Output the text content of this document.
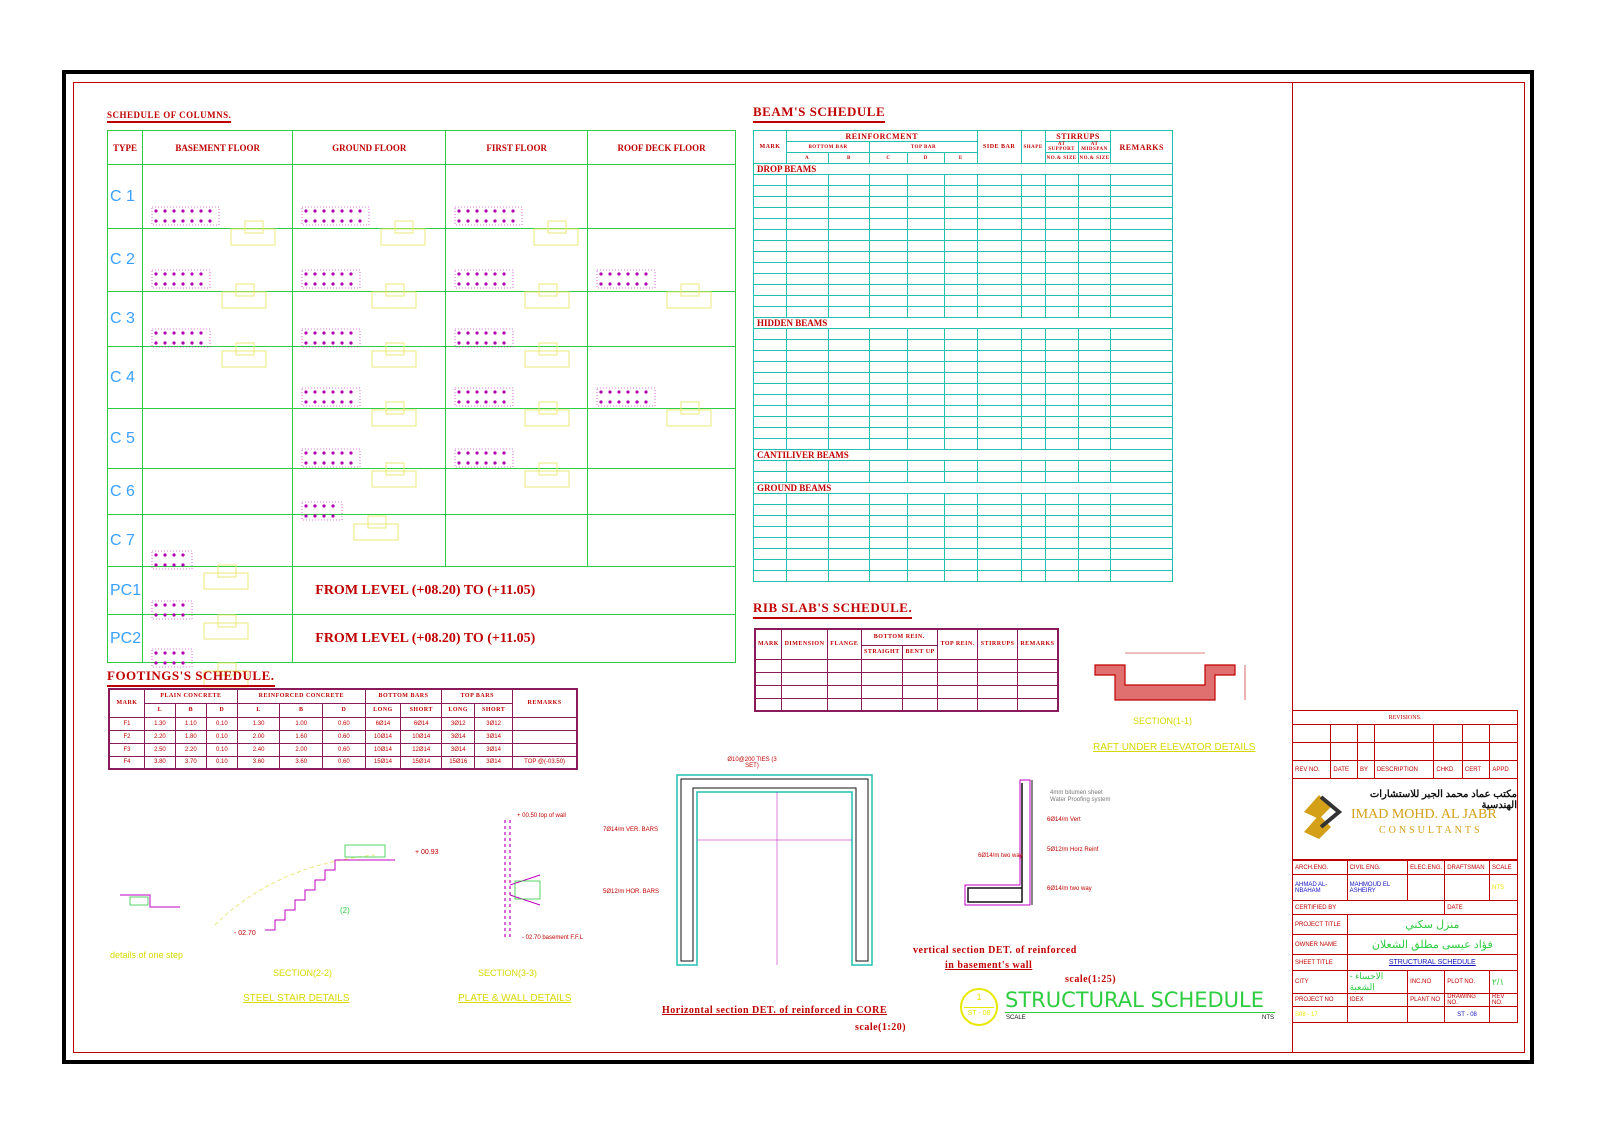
SCHEDULE OF COLUMNS.
TYPE	BASEMENT FLOOR	GROUND FLOOR	FIRST FLOOR	ROOF DECK FLOOR
C 1	

C 2	

C 3	

C 4		

C 5		

C 6		

C 7	

PC1		FROM LEVEL (+08.20) TO (+11.05)		
PC2		FROM LEVEL (+08.20) TO (+11.05)		
FOOTINGS'S SCHEDULE.
MARK	PLAIN CONCRETE			REINFORCED CONCRETE			BOTTOM BARS		TOP BARS		REMARKS
	L	B	D	L	B	D	LONG	SHORT	LONG	SHORT	
F1	1.30	1.10	0.10	1.30	1.00	0.60	6Ø14	6Ø14	3Ø12	3Ø12	
F2	2.20	1.80	0.10	2.00	1.60	0.60	10Ø14	10Ø14	3Ø14	3Ø14	
F3	2.50	2.20	0.10	2.40	2.00	0.60	10Ø14	12Ø14	3Ø14	3Ø14	
F4	3.80	3.70	0.10	3.60	3.60	0.60	15Ø14	15Ø14	15Ø16	3Ø14	TOP @(-03.50)
BEAM'S SCHEDULE
MARK	REINFORCMENT					SIDE BAR	SHAPE	STIRRUPS		REMARKS
	BOTTOM BAR		TOP BAR					AT SUPPORT	AT MIDSPAN	
	A	B	C	D	E			NO.& SIZE	NO.& SIZE	
DROP BEAMS										

HIDDEN BEAMS										

CANTILIVER BEAMS										

GROUND BEAMS										

RIB SLAB'S SCHEDULE.
MARK	DIMENSION	FLANGE	BOTTOM REIN.		TOP REIN.	STIRRUPS	REMARKS
			STRAIGHT	BENT UP			

SECTION(1-1)
RAFT UNDER ELEVATOR DETAILS
details of one step
+ 00.93
- 02.70
(2)
SECTION(2-2)
STEEL STAIR DETAILS
+ 00.50 top of wall
- 02.70 basement F.F.L
SECTION(3-3)
PLATE & WALL DETAILS
Ø10@200 TIES (3 SET)
7Ø14/m VER. BARS
5Ø12/m HOR. BARS
Horizontal section DET. of reinforced in CORE
scale(1:20)
4mm bitumen sheet
Water Proofing system
6Ø14/m Vert
5Ø12/m Horz Reinf
6Ø14/m two way
6Ø14/m two way
vertical section DET. of reinforced
in basement's wall
scale(1:25)
1
ST - 08
STRUCTURAL SCHEDULE
SCALE	NTS
REVISIONS.						

REV NO.	DATE	BY	DESCRIPTION	CHKD	CERT	APPD
مكتب عماد محمد الجبر للاستشارات الهندسية
IMAD MOHD. AL JABR
CONSULTANTS
ARCH.ENG.	CIVIL ENG.	ELEC.ENG.	DRAFTSMAN	SCALE
AHMAD AL-NBAHAM	MAHMOUD EL ASHEIRY			NTS
CERTIFIED BY			DATE	
PROJECT TITLE	منزل سكني			
OWNER NAME	فؤاد عيسى مطلق الشعلان			
SHEET TITLE	STRUCTURAL SCHEDULE			
CITY	الاحساء - الشعبة	INC.NO	PLOT NO.	٢/١
PROJECT NO	IDEX	PLANT NO	DRAWING NO.	REV NO.
S08 - 17			ST - 08	
